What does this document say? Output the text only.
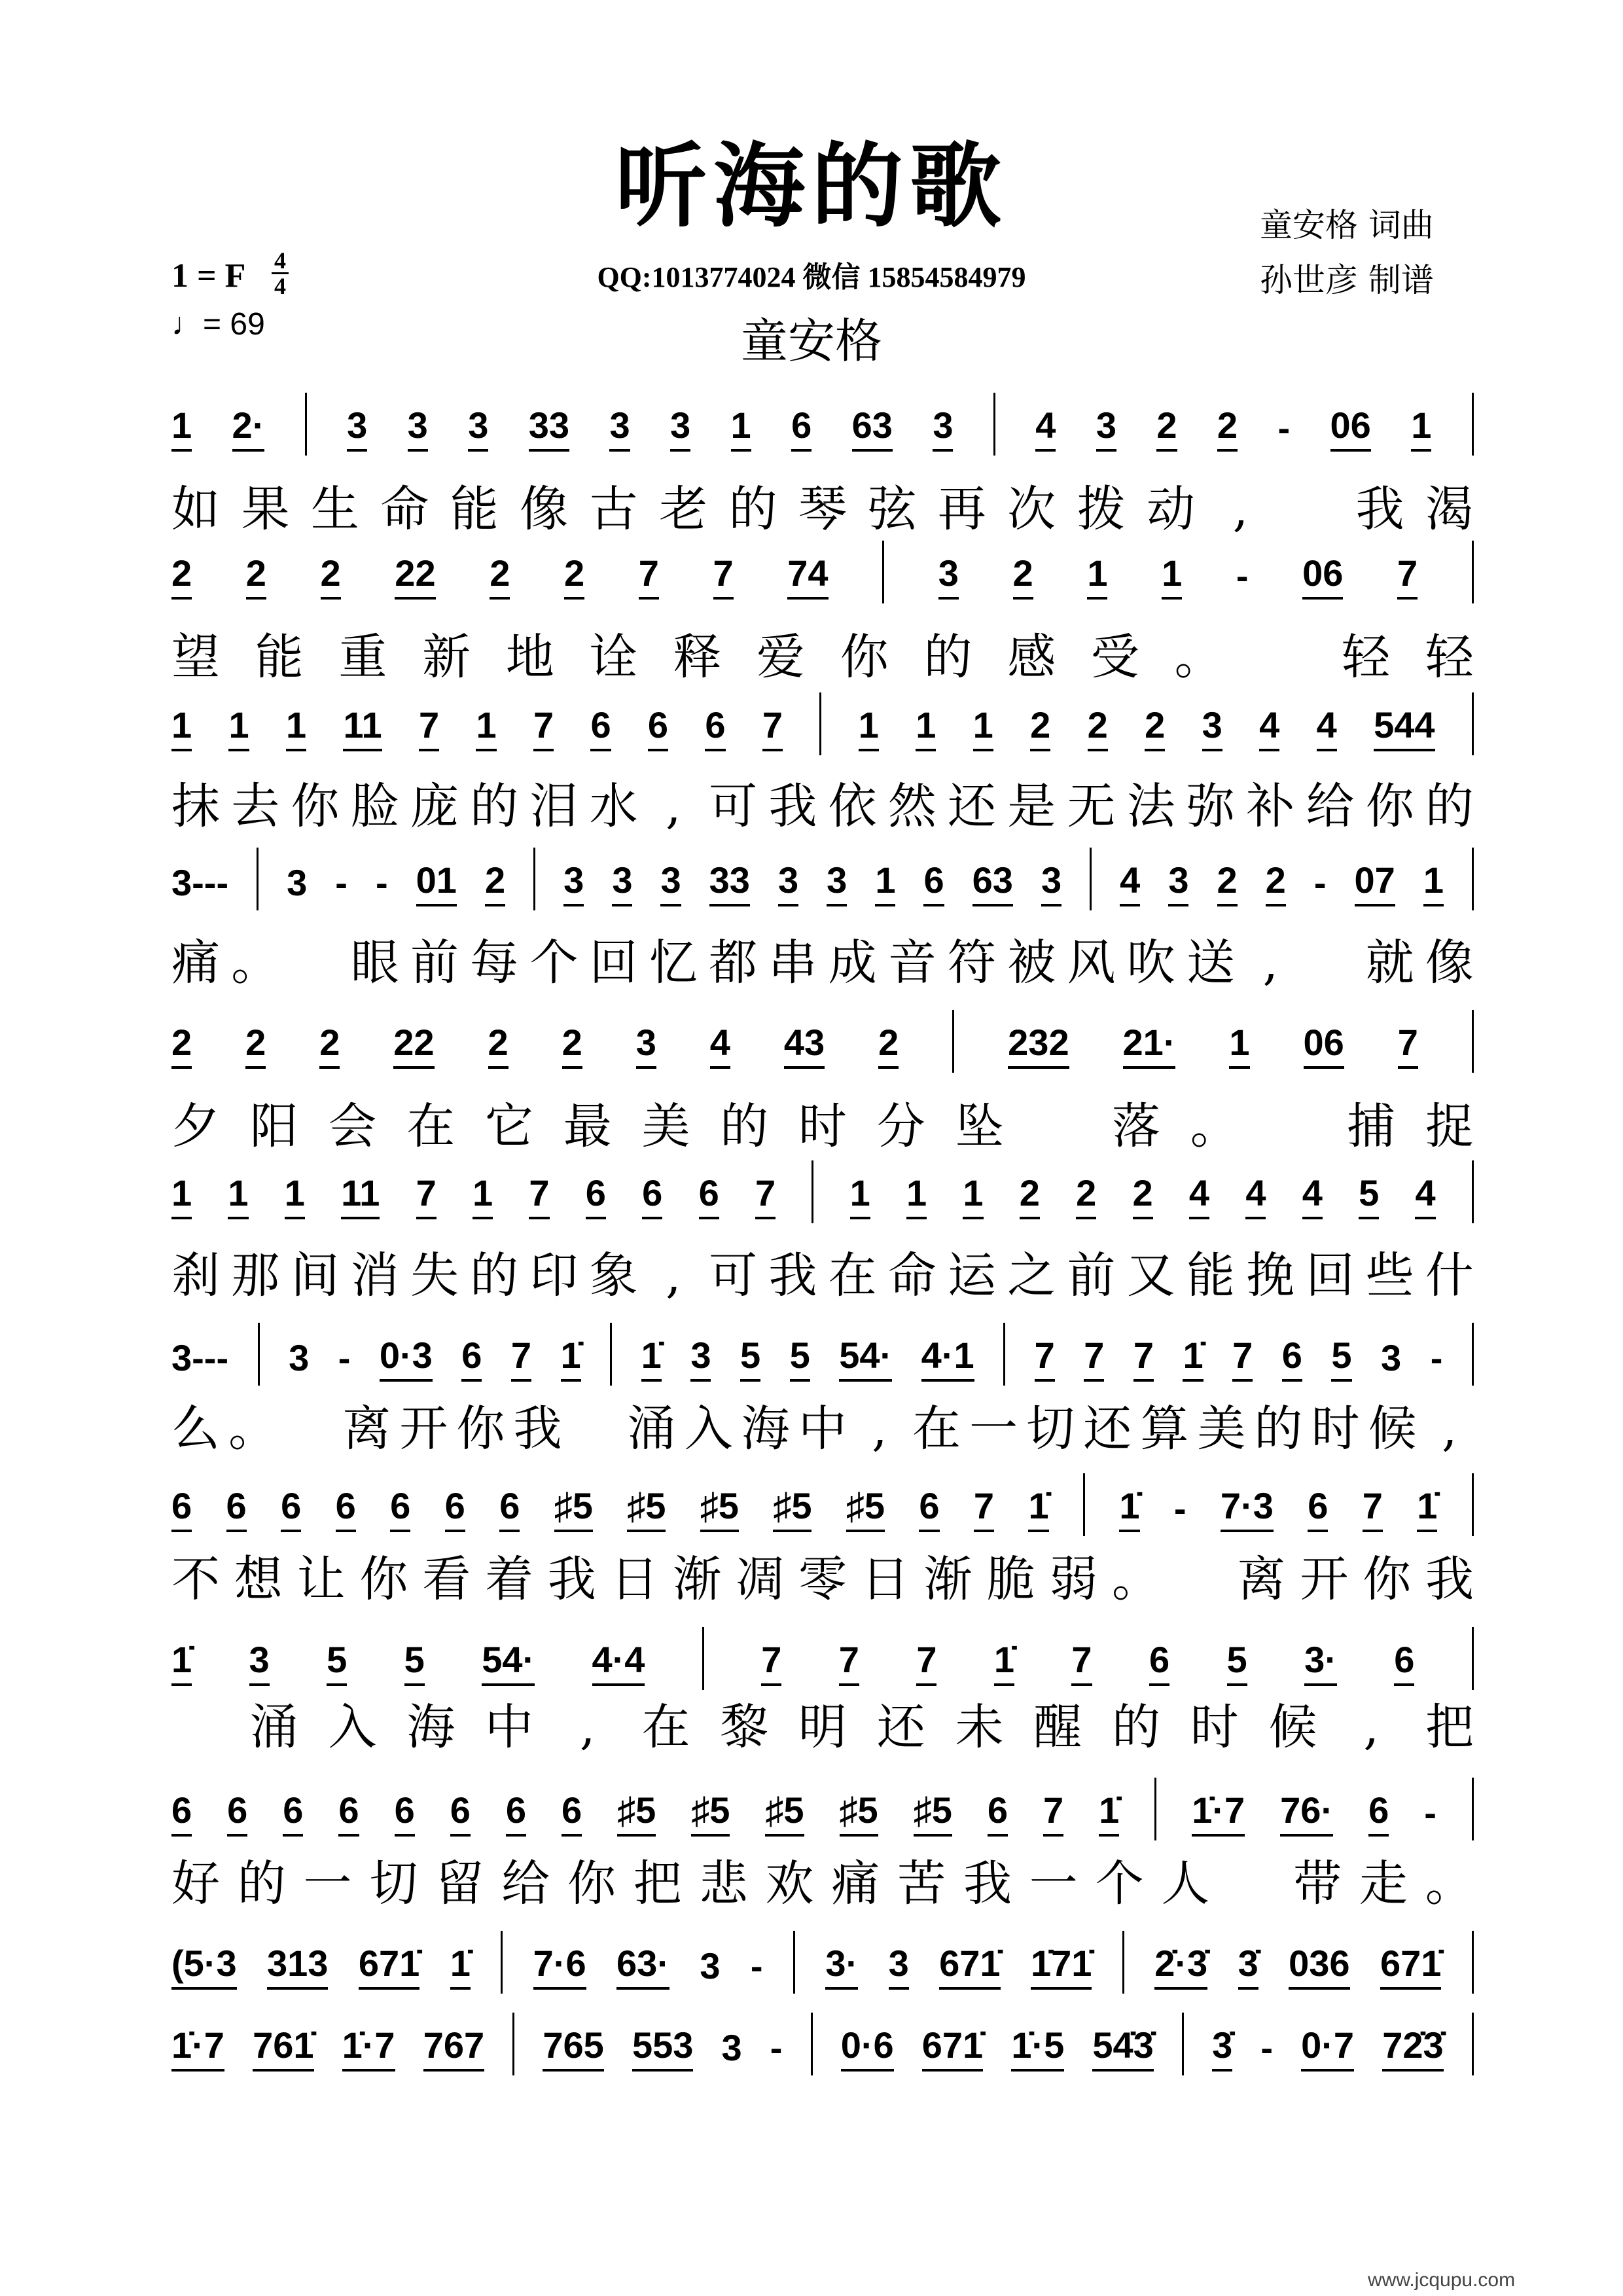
听海的歌
QQ:1013774024 微信 15854584979
童安格
童安格 词曲
孙世彦 制谱
1 = F 4
4
♩= 69
1 2· 3 3 3 33 3 3 1 6 63 3 4 3 2 2 - 06 1
如 果 生 命 能 像 古 老 的 琴 弦 再 次 拨 动 ,	我 渴
2 2 2 22 2 2 7 7 74	3 2 1 1 - 06 7
望 能 重 新 地 诠 释 爱 你 的 感 受 。 轻 轻
1 1 1 11 7 1 7 6 6 6 7 1 1 1 2 2 2 3 4 4 544
抹 去 你 脸 庞 的 泪 水 , 可 我 依 然 还 是 无 法 弥 补 给 你 的
3--- 3 - - 01 2 3 3 3 33 3 3 1 6 63 3 4 3 2 2 - 07 1
痛 。 眼 前 每 个 回 忆 都 串 成 音 符 被 风 吹 送 ,	就 像
2 2 2 22 2 2 3 4 43 2	232 21· 1 06 7
夕 阳 会 在 它 最 美 的 时 分 坠 落 。 捕 捉
1 1 1 11 7 1 7 6 6 6 7 1 1 1 2 2 2 4 4 4 5 4
刹 那 间 消 失 的 印 象 , 可 我 在 命 运 之 前 又 能 挽 回 些 什
3--- 3 - 0·3 6 7 1̇ 1̇ 3 5 5 54· 4·1 7 7 7 1̇ 7 6 5 3 -
么 。 离 开 你 我 涌 入 海 中 , 在 一 切 还 算 美 的 时 候 ,
6 6 6 6 6 6 6 ♯5 ♯5 ♯5 ♯5 ♯5 6 7 1̇ 1̇ - 7·3 6 7 1̇
不 想 让 你 看 着 我 日 渐 凋 零 日 渐 脆 弱 。 离 开 你 我
1̇ 3 5 5 54· 4·4	7 7 7 1̇ 7 6 5 3· 6
涌 入 海 中 , 在 黎 明 还 未 醒 的 时 候 , 把
6 6 6 6 6 6 6 6 ♯5 ♯5 ♯5 ♯5 ♯5 6 7 1̇ 1̇·7 76· 6 -
好 的 一 切 留 给 你 把 悲 欢 痛 苦 我 一 个 人 带 走 。
(5·3 313 671̇ 1̇ 7·6 63· 3 - 3· 3 671̇ 1̇71̇ 2̇·3̇ 3̇ 036 671̇
1̇·7 761̇ 1̇·7 767 765 553 3 - 0·6 671̇ 1̇·5 54̇3̇ 3̇ - 0·7 72̇3̇
www.jcqupu.com
